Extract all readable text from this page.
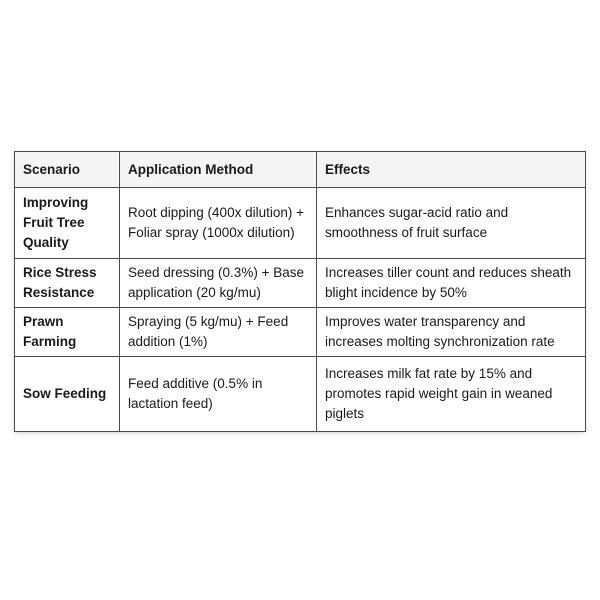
Scenario	Application Method	Effects
Improving Fruit Tree Quality	Root dipping (400x dilution) + Foliar spray (1000x dilution)	Enhances sugar-acid ratio and smoothness of fruit surface
Rice Stress Resistance	Seed dressing (0.3%) + Base application (20 kg/mu)	Increases tiller count and reduces sheath blight incidence by 50%
Prawn Farming	Spraying (5 kg/mu) + Feed addition (1%)	Improves water transparency and increases molting synchronization rate
Sow Feeding	Feed additive (0.5% in lactation feed)	Increases milk fat rate by 15% and promotes rapid weight gain in weaned piglets
